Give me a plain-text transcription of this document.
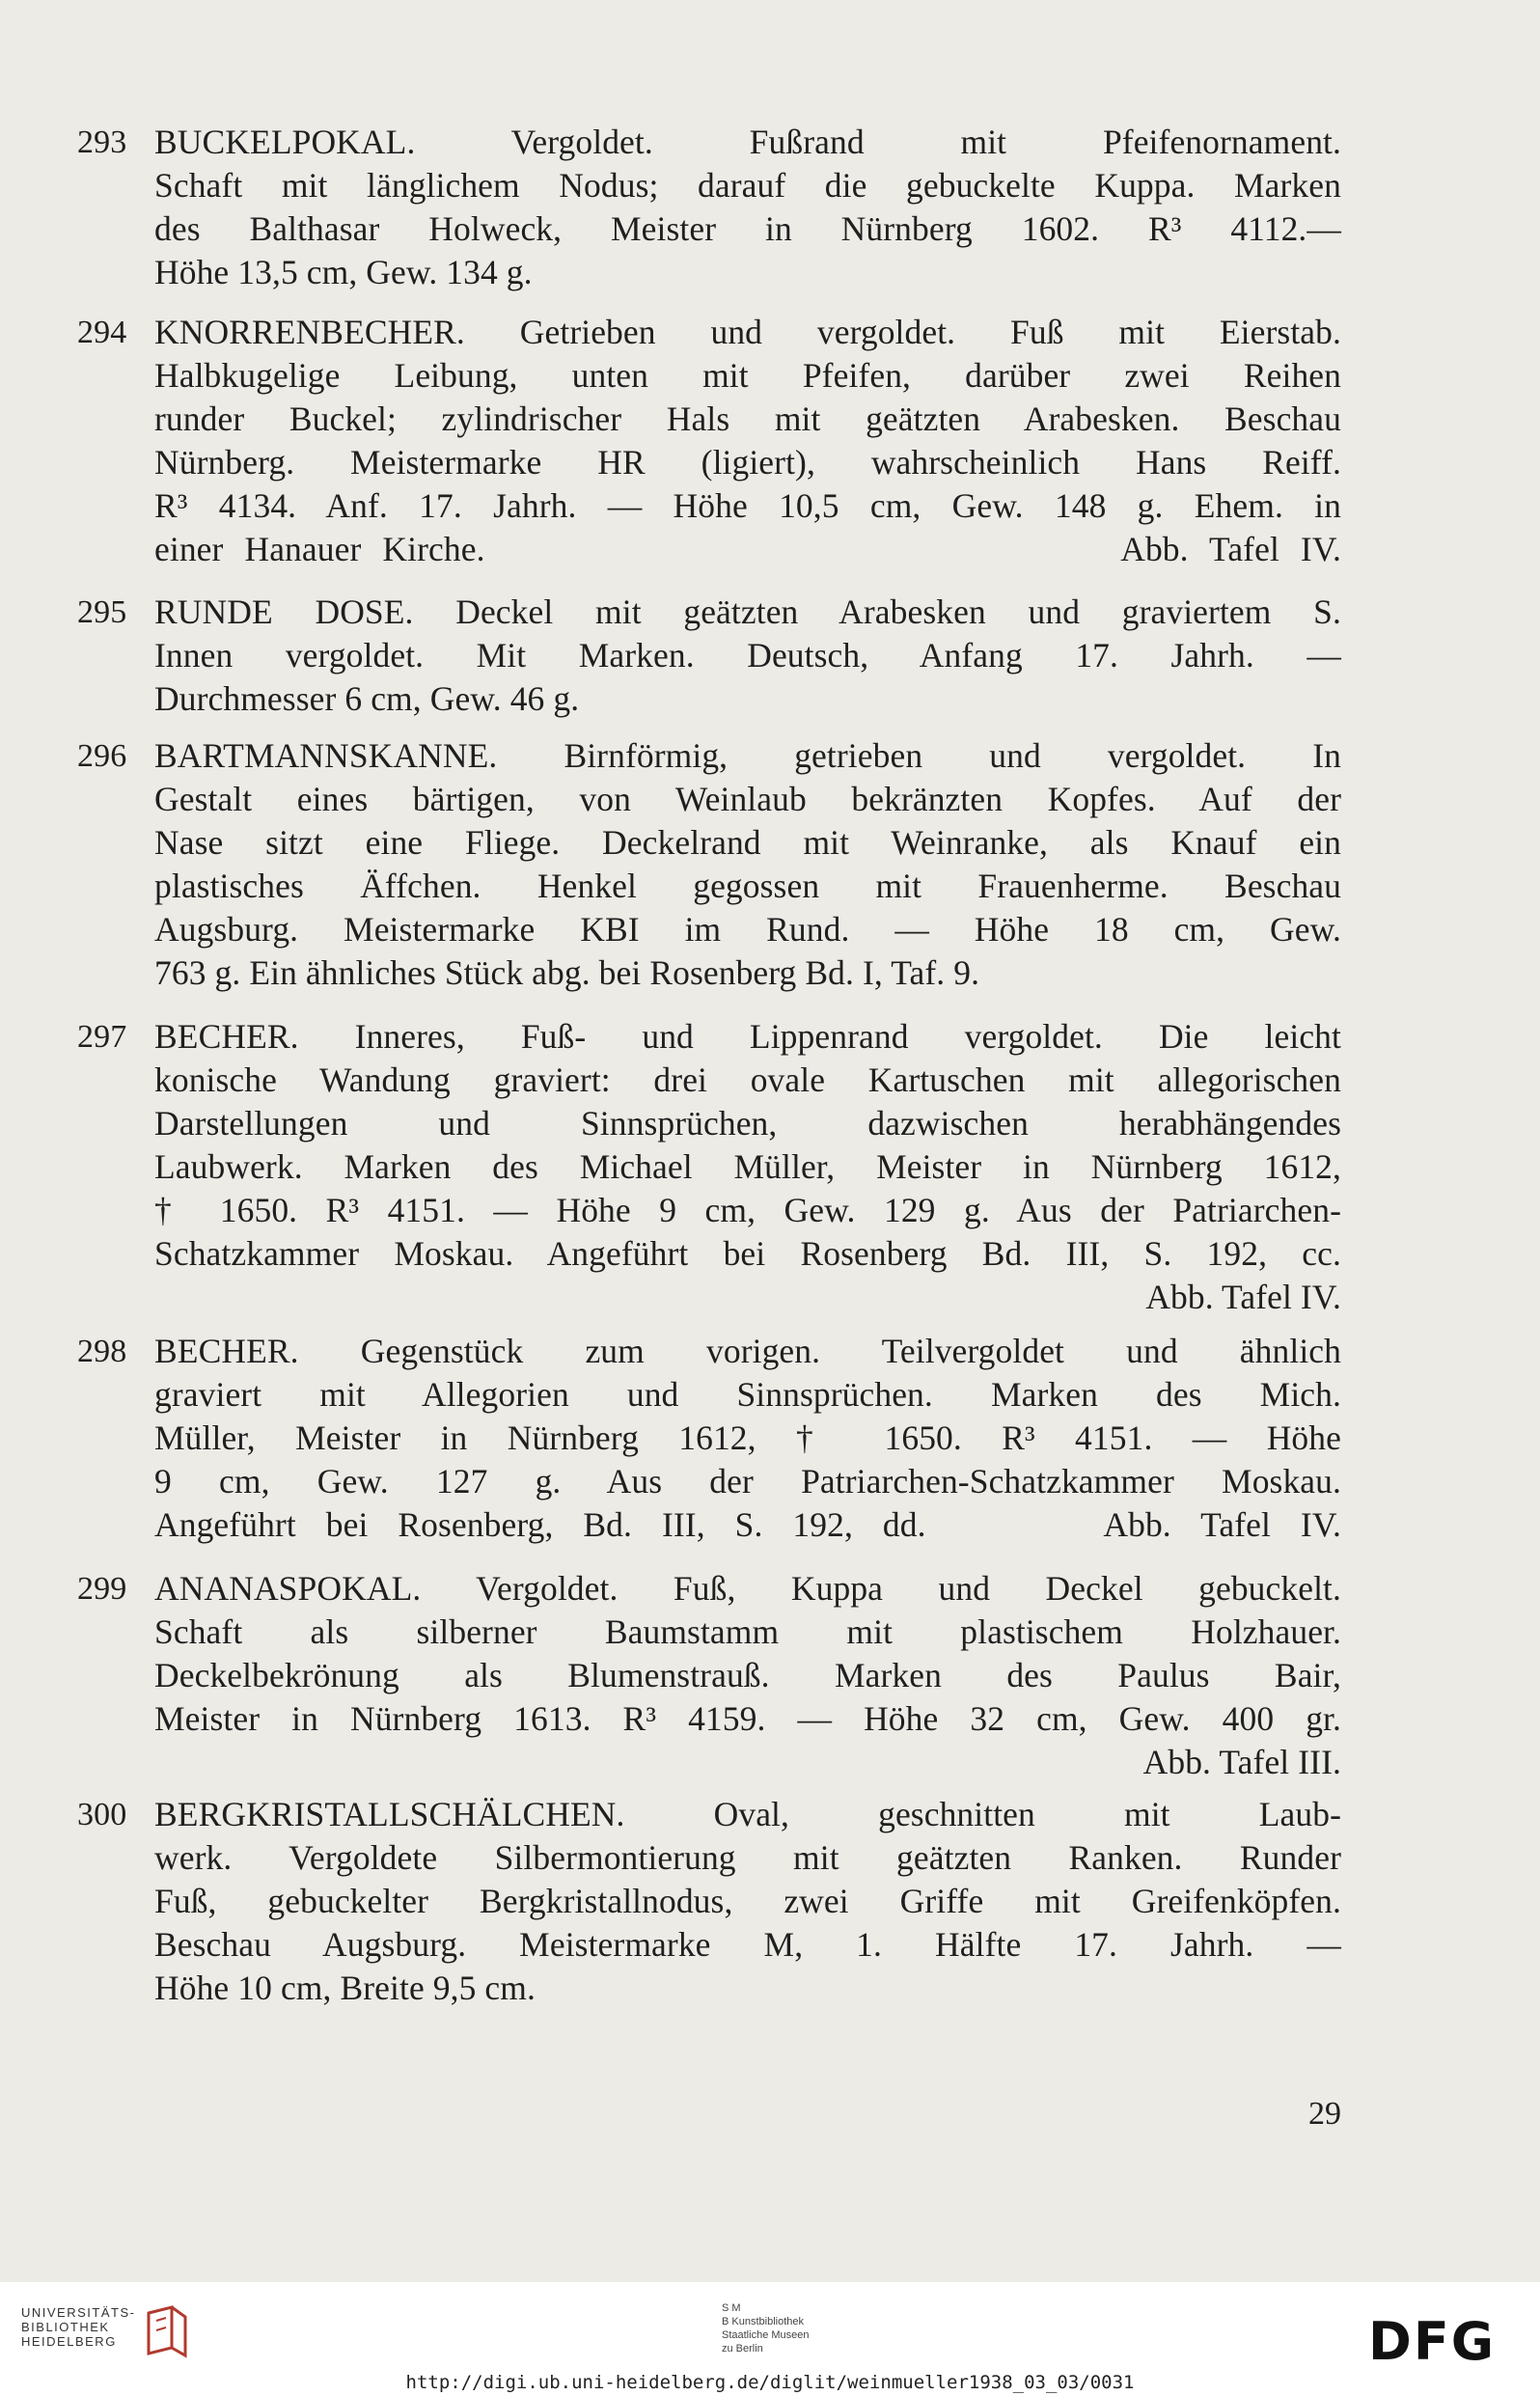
293 BUCKELPOKAL. Vergoldet. Fußrand mit Pfeifenornament.
Schaft mit länglichem Nodus; darauf die gebuckelte Kuppa. Marken
des Balthasar Holweck, Meister in Nürnberg 1602. R³ 4112.—
Höhe 13,5 cm, Gew. 134 g.
294 KNORRENBECHER. Getrieben und vergoldet. Fuß mit Eierstab.
Halbkugelige Leibung, unten mit Pfeifen, darüber zwei Reihen
runder Buckel; zylindrischer Hals mit geätzten Arabesken. Beschau
Nürnberg. Meistermarke HR (ligiert), wahrscheinlich Hans Reiff.
R³ 4134. Anf. 17. Jahrh. — Höhe 10,5 cm, Gew. 148 g. Ehem. in
einer Hanauer Kirche.                              Abb. Tafel IV.
295 RUNDE DOSE. Deckel mit geätzten Arabesken und graviertem S.
Innen vergoldet. Mit Marken. Deutsch, Anfang 17. Jahrh. —
Durchmesser 6 cm, Gew. 46 g.
296 BARTMANNSKANNE. Birnförmig, getrieben und vergoldet. In
Gestalt eines bärtigen, von Weinlaub bekränzten Kopfes. Auf der
Nase sitzt eine Fliege. Deckelrand mit Weinranke, als Knauf ein
plastisches Äffchen. Henkel gegossen mit Frauenherme. Beschau
Augsburg. Meistermarke KBI im Rund. — Höhe 18 cm, Gew.
763 g. Ein ähnliches Stück abg. bei Rosenberg Bd. I, Taf. 9.
297 BECHER. Inneres, Fuß- und Lippenrand vergoldet. Die leicht
konische Wandung graviert: drei ovale Kartuschen mit allegorischen
Darstellungen und Sinnsprüchen, dazwischen herabhängendes
Laubwerk. Marken des Michael Müller, Meister in Nürnberg 1612,
† 1650. R³ 4151. — Höhe 9 cm, Gew. 129 g. Aus der Patriarchen-
Schatzkammer Moskau. Angeführt bei Rosenberg Bd. III, S. 192, cc.
Abb. Tafel IV.
298 BECHER. Gegenstück zum vorigen. Teilvergoldet und ähnlich
graviert mit Allegorien und Sinnsprüchen. Marken des Mich.
Müller, Meister in Nürnberg 1612, † 1650. R³ 4151. — Höhe
9 cm, Gew. 127 g. Aus der Patriarchen-Schatzkammer Moskau.
Angeführt bei Rosenberg, Bd. III, S. 192, dd.      Abb. Tafel IV.
299 ANANASPOKAL. Vergoldet. Fuß, Kuppa und Deckel gebuckelt.
Schaft als silberner Baumstamm mit plastischem Holzhauer.
Deckelbekrönung als Blumenstrauß. Marken des Paulus Bair,
Meister in Nürnberg 1613. R³ 4159. — Höhe 32 cm, Gew. 400 gr.
Abb. Tafel III.
300 BERGKRISTALLSCHÄLCHEN. Oval, geschnitten mit Laub-
werk. Vergoldete Silbermontierung mit geätzten Ranken. Runder
Fuß, gebuckelter Bergkristallnodus, zwei Griffe mit Greifenköpfen.
Beschau Augsburg. Meistermarke M, 1. Hälfte 17. Jahrh. —
Höhe 10 cm, Breite 9,5 cm.
29
UNIVERSITÄTS-
BIBLIOTHEK
HEIDELBERG
S M
B Kunstbibliothek
Staatliche Museen
zu Berlin	DFG
http://digi.ub.uni-heidelberg.de/diglit/weinmueller1938_03_03/0031
